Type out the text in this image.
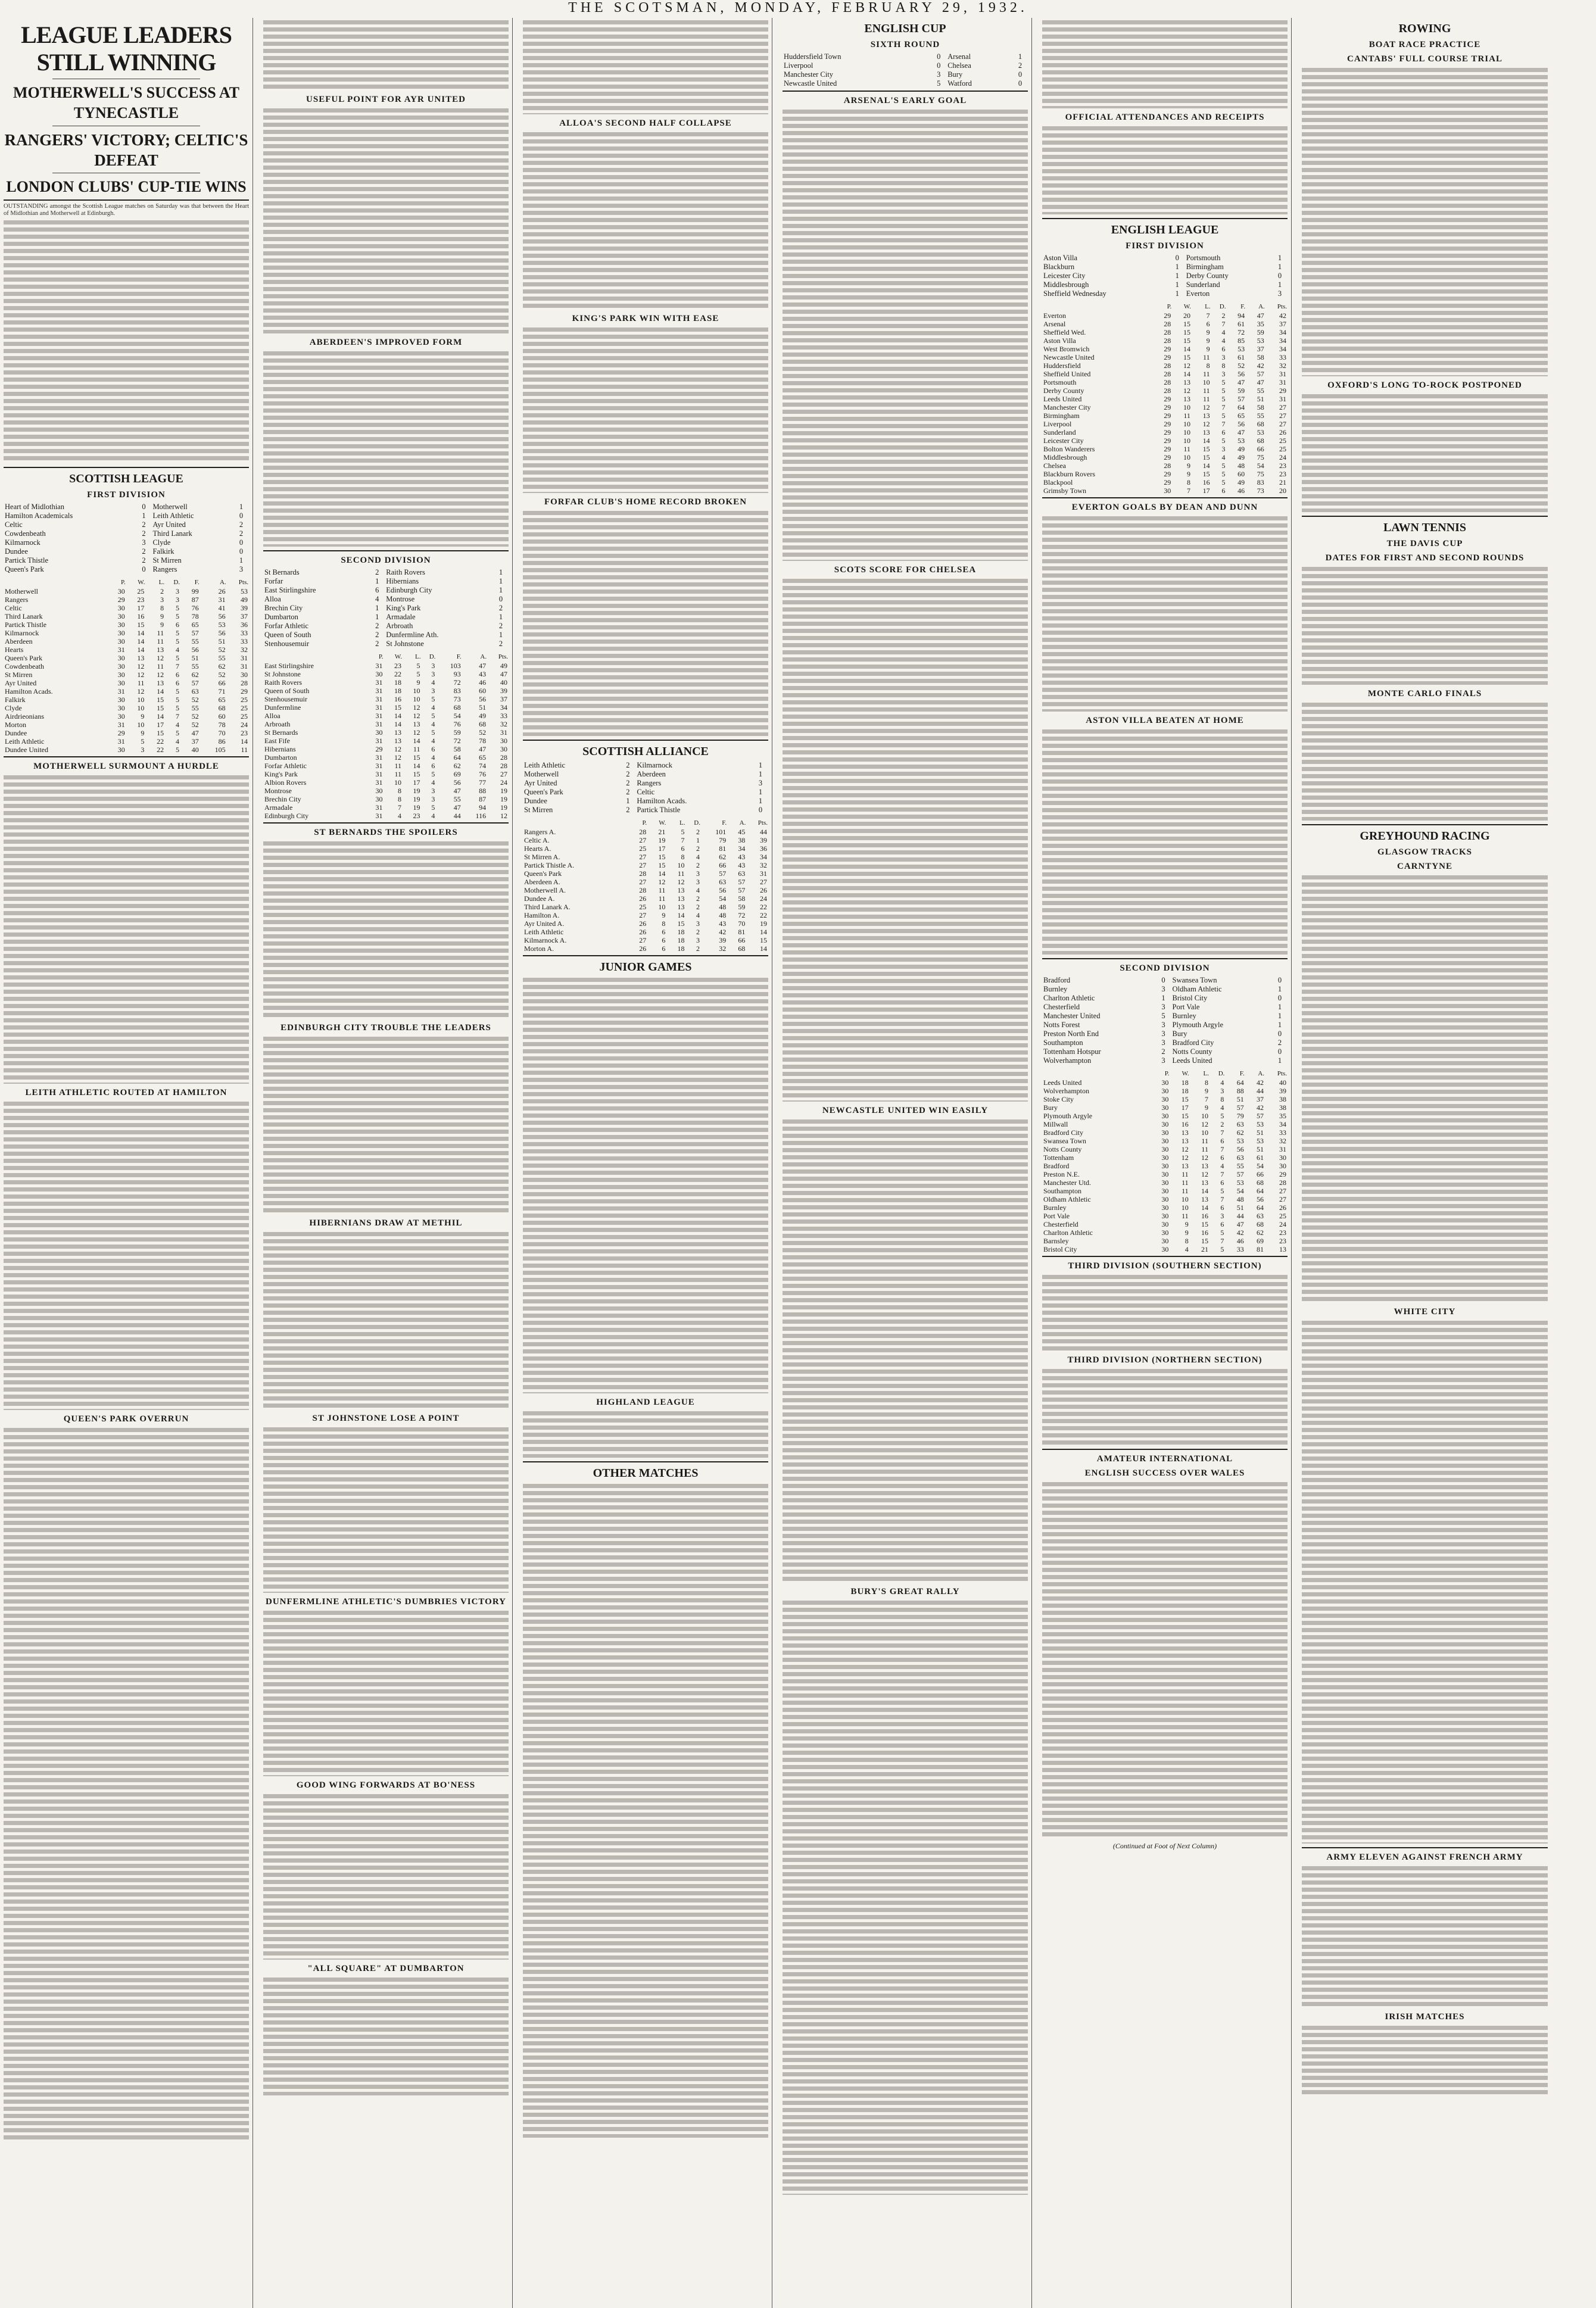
THE SCOTSMAN, MONDAY, FEBRUARY 29, 1932.
LEAGUE LEADERS STILL WINNING
MOTHERWELL'S SUCCESS AT TYNECASTLE
RANGERS' VICTORY; CELTIC'S DEFEAT
LONDON CLUBS' CUP-TIE WINS
OUTSTANDING amongst the Scottish League matches on Saturday was that between the Heart of Midlothian and Motherwell at Edinburgh.
SCOTTISH LEAGUE
FIRST DIVISION
Heart of Midlothian	0	Motherwell	1
Hamilton Academicals	1	Leith Athletic	0
Celtic	2	Ayr United	2
Cowdenbeath	2	Third Lanark	2
Kilmarnock	3	Clyde	0
Dundee	2	Falkirk	0
Partick Thistle	2	St Mirren	1
Queen's Park	0	Rangers	3
	P.	W.	L.	D.	F.	A.	Pts.
Motherwell	30	25	2	3	99	26	53
Rangers	29	23	3	3	87	31	49
Celtic	30	17	8	5	76	41	39
Third Lanark	30	16	9	5	78	56	37
Partick Thistle	30	15	9	6	65	53	36
Kilmarnock	30	14	11	5	57	56	33
Aberdeen	30	14	11	5	55	51	33
Hearts	31	14	13	4	56	52	32
Queen's Park	30	13	12	5	51	55	31
Cowdenbeath	30	12	11	7	55	62	31
St Mirren	30	12	12	6	62	52	30
Ayr United	30	11	13	6	57	66	28
Hamilton Acads.	31	12	14	5	63	71	29
Falkirk	30	10	15	5	52	65	25
Clyde	30	10	15	5	55	68	25
Airdrieonians	30	9	14	7	52	60	25
Morton	31	10	17	4	52	78	24
Dundee	29	9	15	5	47	70	23
Leith Athletic	31	5	22	4	37	86	14
Dundee United	30	3	22	5	40	105	11
MOTHERWELL SURMOUNT A HURDLE
LEITH ATHLETIC ROUTED AT HAMILTON
QUEEN'S PARK OVERRUN
USEFUL POINT FOR AYR UNITED
ABERDEEN'S IMPROVED FORM
SECOND DIVISION
St Bernards	2	Raith Rovers	1
Forfar	1	Hibernians	1
East Stirlingshire	6	Edinburgh City	1
Alloa	4	Montrose	0
Brechin City	1	King's Park	2
Dumbarton	1	Armadale	1
Forfar Athletic	2	Arbroath	2
Queen of South	2	Dunfermline Ath.	1
Stenhousemuir	2	St Johnstone	2
	P.	W.	L.	D.	F.	A.	Pts.
East Stirlingshire	31	23	5	3	103	47	49
St Johnstone	30	22	5	3	93	43	47
Raith Rovers	31	18	9	4	72	46	40
Queen of South	31	18	10	3	83	60	39
Stenhousemuir	31	16	10	5	73	56	37
Dunfermline	31	15	12	4	68	51	34
Alloa	31	14	12	5	54	49	33
Arbroath	31	14	13	4	76	68	32
St Bernards	30	13	12	5	59	52	31
East Fife	31	13	14	4	72	78	30
Hibernians	29	12	11	6	58	47	30
Dumbarton	31	12	15	4	64	65	28
Forfar Athletic	31	11	14	6	62	74	28
King's Park	31	11	15	5	69	76	27
Albion Rovers	31	10	17	4	56	77	24
Montrose	30	8	19	3	47	88	19
Brechin City	30	8	19	3	55	87	19
Armadale	31	7	19	5	47	94	19
Edinburgh City	31	4	23	4	44	116	12
ST BERNARDS THE SPOILERS
EDINBURGH CITY TROUBLE THE LEADERS
HIBERNIANS DRAW AT METHIL
ST JOHNSTONE LOSE A POINT
DUNFERMLINE ATHLETIC'S DUMBRIES VICTORY
GOOD WING FORWARDS AT BO'NESS
"ALL SQUARE" AT DUMBARTON
ALLOA'S SECOND HALF COLLAPSE
KING'S PARK WIN WITH EASE
FORFAR CLUB'S HOME RECORD BROKEN
SCOTTISH ALLIANCE
Leith Athletic	2	Kilmarnock	1
Motherwell	2	Aberdeen	1
Ayr United	2	Rangers	3
Queen's Park	2	Celtic	1
Dundee	1	Hamilton Acads.	1
St Mirren	2	Partick Thistle	0
	P.	W.	L.	D.	F.	A.	Pts.
Rangers A.	28	21	5	2	101	45	44
Celtic A.	27	19	7	1	79	38	39
Hearts A.	25	17	6	2	81	34	36
St Mirren A.	27	15	8	4	62	43	34
Partick Thistle A.	27	15	10	2	66	43	32
Queen's Park	28	14	11	3	57	63	31
Aberdeen A.	27	12	12	3	63	57	27
Motherwell A.	28	11	13	4	56	57	26
Dundee A.	26	11	13	2	54	58	24
Third Lanark A.	25	10	13	2	48	59	22
Hamilton A.	27	9	14	4	48	72	22
Ayr United A.	26	8	15	3	43	70	19
Leith Athletic	26	6	18	2	42	81	14
Kilmarnock A.	27	6	18	3	39	66	15
Morton A.	26	6	18	2	32	68	14
JUNIOR GAMES
HIGHLAND LEAGUE
OTHER MATCHES
ENGLISH CUP
SIXTH ROUND
Huddersfield Town	0	Arsenal	1
Liverpool	0	Chelsea	2
Manchester City	3	Bury	0
Newcastle United	5	Watford	0
ARSENAL'S EARLY GOAL
SCOTS SCORE FOR CHELSEA
NEWCASTLE UNITED WIN EASILY
BURY'S GREAT RALLY
OFFICIAL ATTENDANCES AND RECEIPTS
ENGLISH LEAGUE
FIRST DIVISION
Aston Villa	0	Portsmouth	1
Blackburn	1	Birmingham	1
Leicester City	1	Derby County	0
Middlesbrough	1	Sunderland	1
Sheffield Wednesday	1	Everton	3
	P.	W.	L.	D.	F.	A.	Pts.
Everton	29	20	7	2	94	47	42
Arsenal	28	15	6	7	61	35	37
Sheffield Wed.	28	15	9	4	72	59	34
Aston Villa	28	15	9	4	85	53	34
West Bromwich	29	14	9	6	53	37	34
Newcastle United	29	15	11	3	61	58	33
Huddersfield	28	12	8	8	52	42	32
Sheffield United	28	14	11	3	56	57	31
Portsmouth	28	13	10	5	47	47	31
Derby County	28	12	11	5	59	55	29
Leeds United	29	13	11	5	57	51	31
Manchester City	29	10	12	7	64	58	27
Birmingham	29	11	13	5	65	55	27
Liverpool	29	10	12	7	56	68	27
Sunderland	29	10	13	6	47	53	26
Leicester City	29	10	14	5	53	68	25
Bolton Wanderers	29	11	15	3	49	66	25
Middlesbrough	29	10	15	4	49	75	24
Chelsea	28	9	14	5	48	54	23
Blackburn Rovers	29	9	15	5	60	75	23
Blackpool	29	8	16	5	49	83	21
Grimsby Town	30	7	17	6	46	73	20
EVERTON GOALS BY DEAN AND DUNN
ASTON VILLA BEATEN AT HOME
SECOND DIVISION
Bradford	0	Swansea Town	0
Burnley	3	Oldham Athletic	1
Charlton Athletic	1	Bristol City	0
Chesterfield	3	Port Vale	1
Manchester United	5	Burnley	1
Notts Forest	3	Plymouth Argyle	1
Preston North End	3	Bury	0
Southampton	3	Bradford City	2
Tottenham Hotspur	2	Notts County	0
Wolverhampton	3	Leeds United	1
	P.	W.	L.	D.	F.	A.	Pts.
Leeds United	30	18	8	4	64	42	40
Wolverhampton	30	18	9	3	88	44	39
Stoke City	30	15	7	8	51	37	38
Bury	30	17	9	4	57	42	38
Plymouth Argyle	30	15	10	5	79	57	35
Millwall	30	16	12	2	63	53	34
Bradford City	30	13	10	7	62	51	33
Swansea Town	30	13	11	6	53	53	32
Notts County	30	12	11	7	56	51	31
Tottenham	30	12	12	6	63	61	30
Bradford	30	13	13	4	55	54	30
Preston N.E.	30	11	12	7	57	66	29
Manchester Utd.	30	11	13	6	53	68	28
Southampton	30	11	14	5	54	64	27
Oldham Athletic	30	10	13	7	48	56	27
Burnley	30	10	14	6	51	64	26
Port Vale	30	11	16	3	44	63	25
Chesterfield	30	9	15	6	47	68	24
Charlton Athletic	30	9	16	5	42	62	23
Barnsley	30	8	15	7	46	69	23
Bristol City	30	4	21	5	33	81	13
THIRD DIVISION (SOUTHERN SECTION)
THIRD DIVISION (NORTHERN SECTION)
AMATEUR INTERNATIONAL
ENGLISH SUCCESS OVER WALES
(Continued at Foot of Next Column)
ROWING
BOAT RACE PRACTICE
CANTABS' FULL COURSE TRIAL
OXFORD'S LONG TO-ROCK POSTPONED
LAWN TENNIS
THE DAVIS CUP
DATES FOR FIRST AND SECOND ROUNDS
MONTE CARLO FINALS
GREYHOUND RACING
GLASGOW TRACKS
CARNTYNE
WHITE CITY
ARMY ELEVEN AGAINST FRENCH ARMY
IRISH MATCHES
